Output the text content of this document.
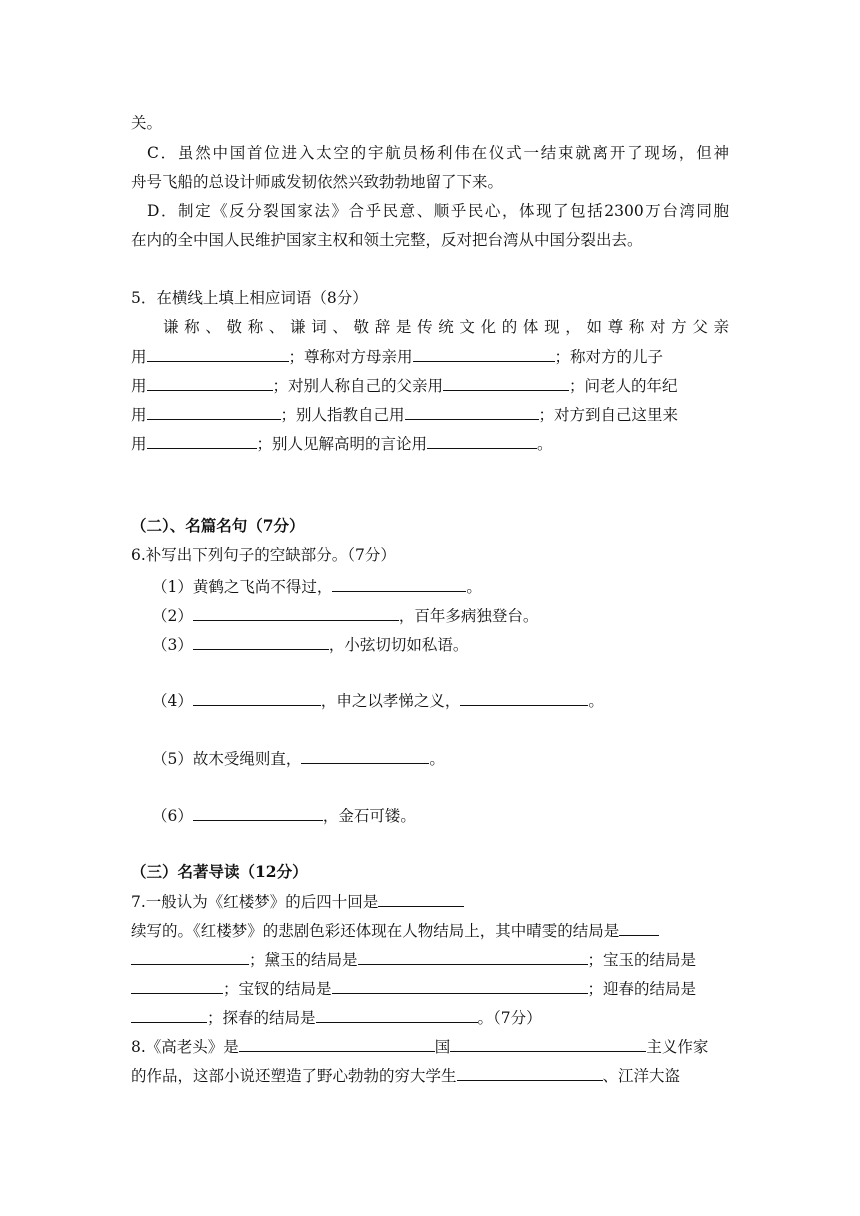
关。
C．虽然中国首位进入太空的宇航员杨利伟在仪式一结束就离开了现场，但神
舟号飞船的总设计师戚发韧依然兴致勃勃地留了下来。
D．制定《反分裂国家法》合乎民意、顺乎民心，体现了包括2300万台湾同胞
在内的全中国人民维护国家主权和领土完整，反对把台湾从中国分裂出去。
5．在横线上填上相应词语（8分）
谦称、敬称、谦词、敬辞是传统文化的体现，如尊称对方父亲
用	；尊称对方母亲用	；称对方的儿子
用	；对别人称自己的父亲用	；问老人的年纪
用	；别人指教自己用	；对方到自己这里来
用	；别人见解高明的言论用	。
（二）、名篇名句（7分）
6.补写出下列句子的空缺部分。（7分）
（1）黄鹤之飞尚不得过，	。
（2）	，百年多病独登台。
（3）	，小弦切切如私语。
（4）	，申之以孝悌之义，	。
（5）故木受绳则直，	。
（6）	，金石可镂。
（三）名著导读（12分）
7.一般认为《红楼梦》的后四十回是
续写的。《红楼梦》的悲剧色彩还体现在人物结局上，其中晴雯的结局是
；黛玉的结局是	；宝玉的结局是
；宝钗的结局是	；迎春的结局是
；探春的结局是	。（7分）
8.《高老头》是	国	主义作家
的作品，这部小说还塑造了野心勃勃的穷大学生	、江洋大盗
